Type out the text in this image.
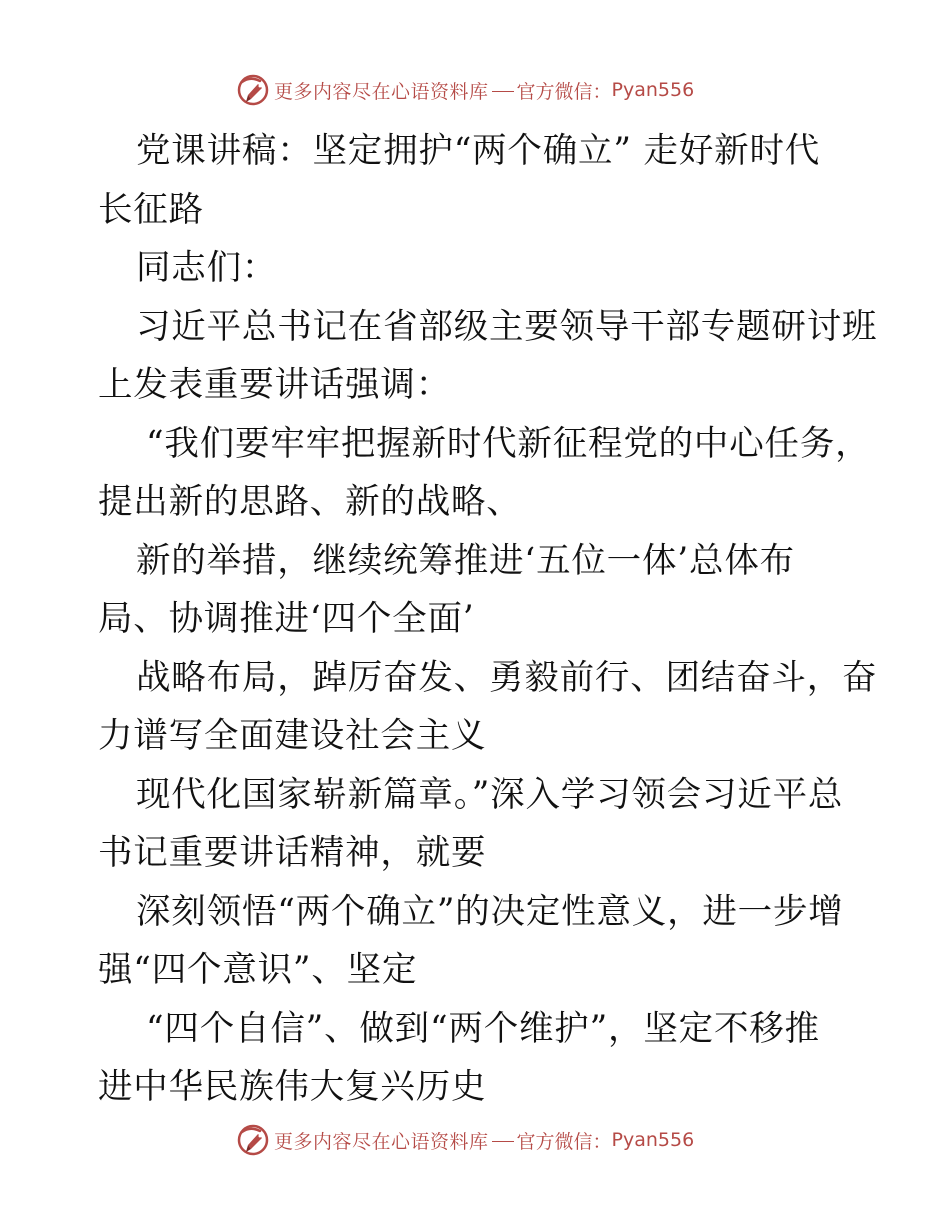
更多内容尽在心语资料库 官方微信： Pyan556
党课讲稿：坚定拥护“两个确立” 走好新时代
长征路
同志们：
习近平总书记在省部级主要领导干部专题研讨班
上发表重要讲话强调：
“我们要牢牢把握新时代新征程党的中心任务，
提出新的思路、新的战略、
新的举措，继续统筹推进‘五位一体’总体布
局、协调推进‘四个全面’
战略布局，踔厉奋发、勇毅前行、团结奋斗，奋
力谱写全面建设社会主义
现代化国家崭新篇章。”深入学习领会习近平总
书记重要讲话精神，就要
深刻领悟“两个确立”的决定性意义，进一步增
强“四个意识”、坚定
“四个自信”、做到“两个维护”，坚定不移推
进中华民族伟大复兴历史
更多内容尽在心语资料库 官方微信： Pyan556
